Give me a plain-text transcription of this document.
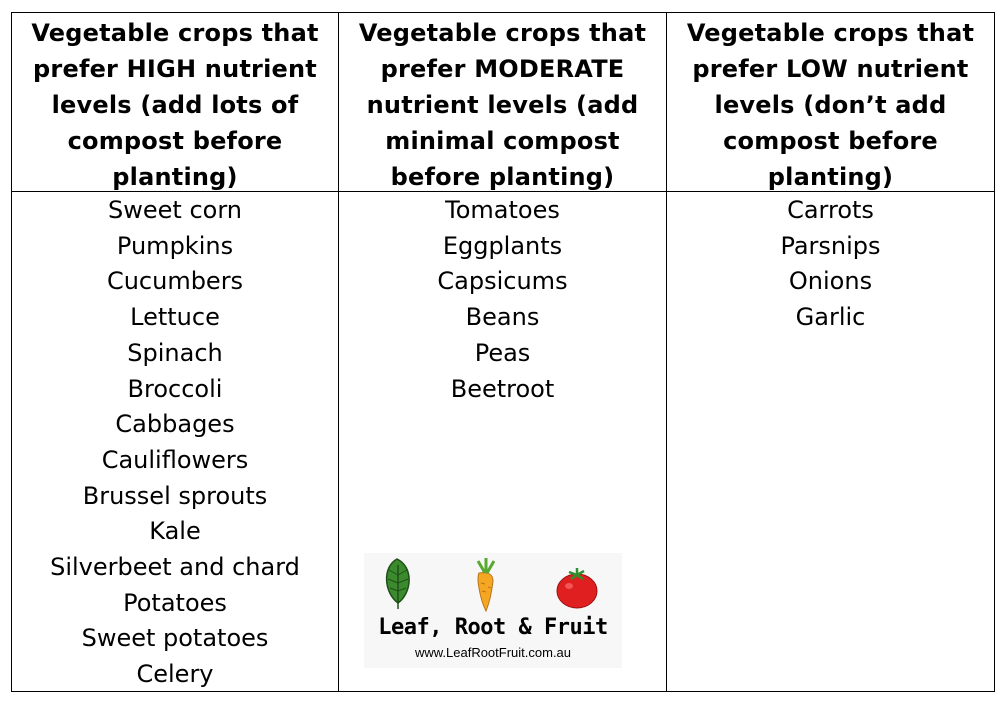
Vegetable crops that prefer HIGH nutrient levels (add lots of compost before planting)
Sweet corn
Pumpkins
Cucumbers
Lettuce
Spinach
Broccoli
Cabbages
Cauliflowers
Brussel sprouts
Kale
Silverbeet and chard
Potatoes
Sweet potatoes
Celery
Vegetable crops that prefer MODERATE nutrient levels (add minimal compost before planting)
Tomatoes
Eggplants
Capsicums
Beans
Peas
Beetroot
Vegetable crops that prefer LOW nutrient levels (don’t add compost before planting)
Carrots
Parsnips
Onions
Garlic
Leaf, Root & Fruit
www.LeafRootFruit.com.au
